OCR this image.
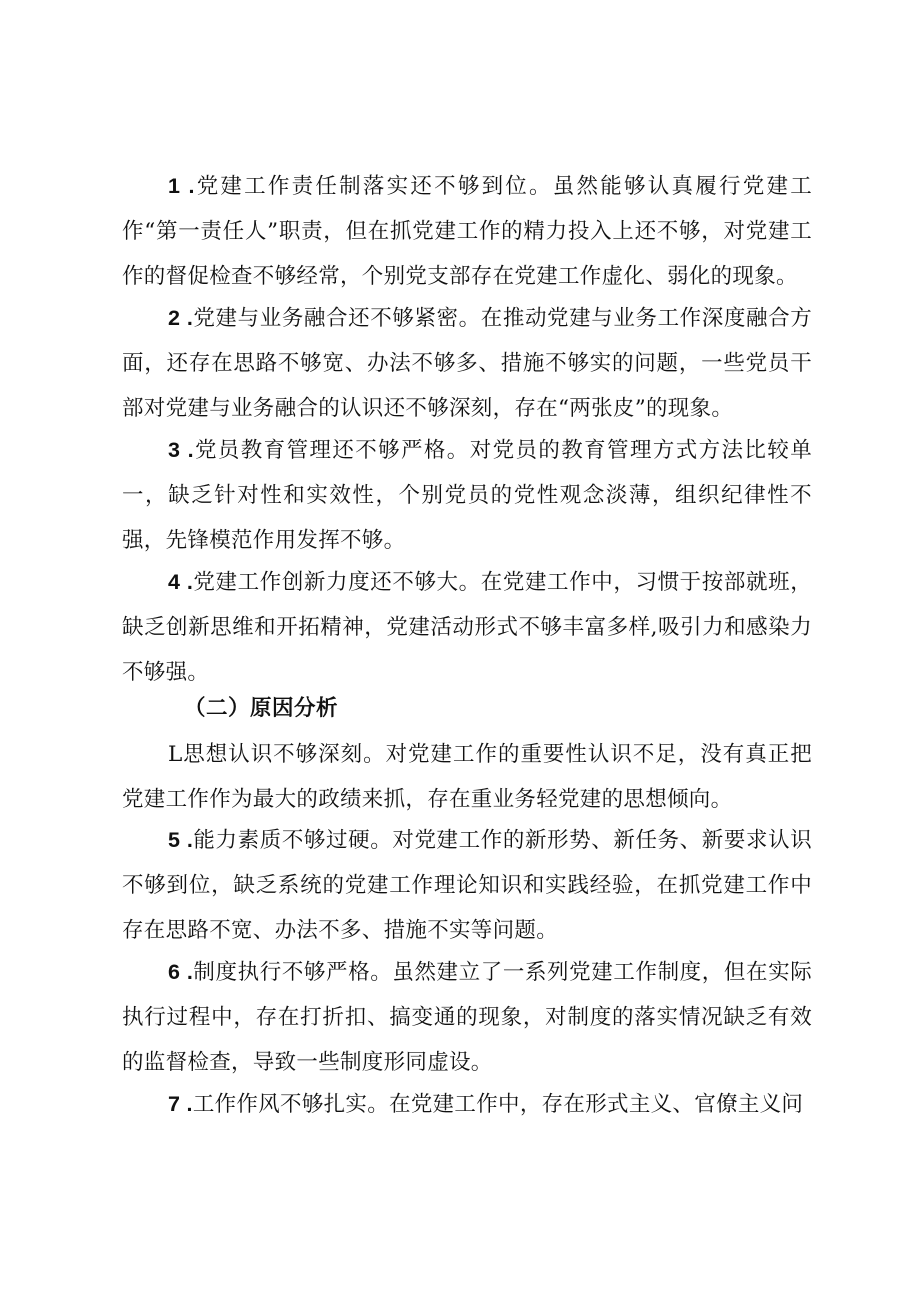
1 .党建工作责任制落实还不够到位。虽然能够认真履行党建工作“第一责任人”职责，但在抓党建工作的精力投入上还不够，对党建工作的督促检查不够经常，个别党支部存在党建工作虚化、弱化的现象。

2 .党建与业务融合还不够紧密。在推动党建与业务工作深度融合方面，还存在思路不够宽、办法不够多、措施不够实的问题，一些党员干部对党建与业务融合的认识还不够深刻，存在“两张皮”的现象。

3 .党员教育管理还不够严格。对党员的教育管理方式方法比较单一，缺乏针对性和实效性，个别党员的党性观念淡薄，组织纪律性不强，先锋模范作用发挥不够。

4 .党建工作创新力度还不够大。在党建工作中，习惯于按部就班，缺乏创新思维和开拓精神，党建活动形式不够丰富多样,吸引力和感染力不够强。

（二）原因分析

L思想认识不够深刻。对党建工作的重要性认识不足，没有真正把党建工作作为最大的政绩来抓，存在重业务轻党建的思想倾向。

5 .能力素质不够过硬。对党建工作的新形势、新任务、新要求认识不够到位，缺乏系统的党建工作理论知识和实践经验，在抓党建工作中存在思路不宽、办法不多、措施不实等问题。

6 .制度执行不够严格。虽然建立了一系列党建工作制度，但在实际执行过程中，存在打折扣、搞变通的现象，对制度的落实情况缺乏有效的监督检查，导致一些制度形同虚设。

7 .工作作风不够扎实。在党建工作中，存在形式主义、官僚主义问
